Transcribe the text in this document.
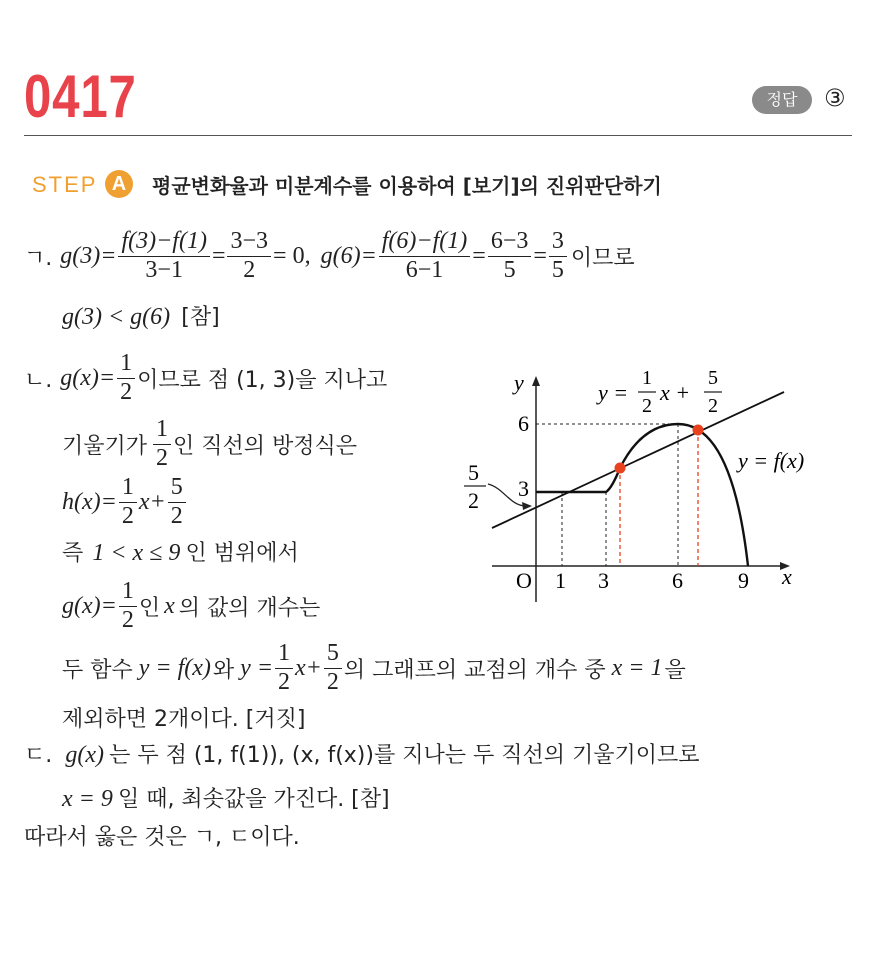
0417	정답	③
STEP A	평균변화율과 미분계수를 이용하여 [보기]의 진위판단하기
ㄱ. $g(3)= \frac{f(3)-f(1)}{3-1} = \frac{3-3}{2} = 0$, $g(6)= \frac{f(6)-f(1)}{6-1} = \frac{6-3}{5} = \frac{3}{5}$ 이므로
g(3) < g(6) [참]
ㄴ. $g(x)= \frac{1}{2}$ 이므로 점 (1, 3)을 지나고
기울기가 $\frac{1}{2}$ 인 직선의 방정식은
$h(x)= \frac{1}{2} x+ \frac{5}{2}$
즉 1 < x ≤ 9 인 범위에서
$g(x)= \frac{1}{2}$ 인 x 의 값의 개수는
두 함수 y = f(x) 와 $y = \frac{1}{2} x+ \frac{5}{2}$ 의 그래프의 교점의 개수 중 x = 1 을
제외하면 2개이다. [거짓]
ㄷ. g(x) 는 두 점 (1, f(1)), (x, f(x))를 지나는 두 직선의 기울기이므로
x = 9 일 때, 최솟값을 가진다. [참]
따라서 옳은 것은 ㄱ, ㄷ이다.
y
x
O 1 3	6	9
3
6
5
2
y =
1
2
x +
5
2
y = f(x)
